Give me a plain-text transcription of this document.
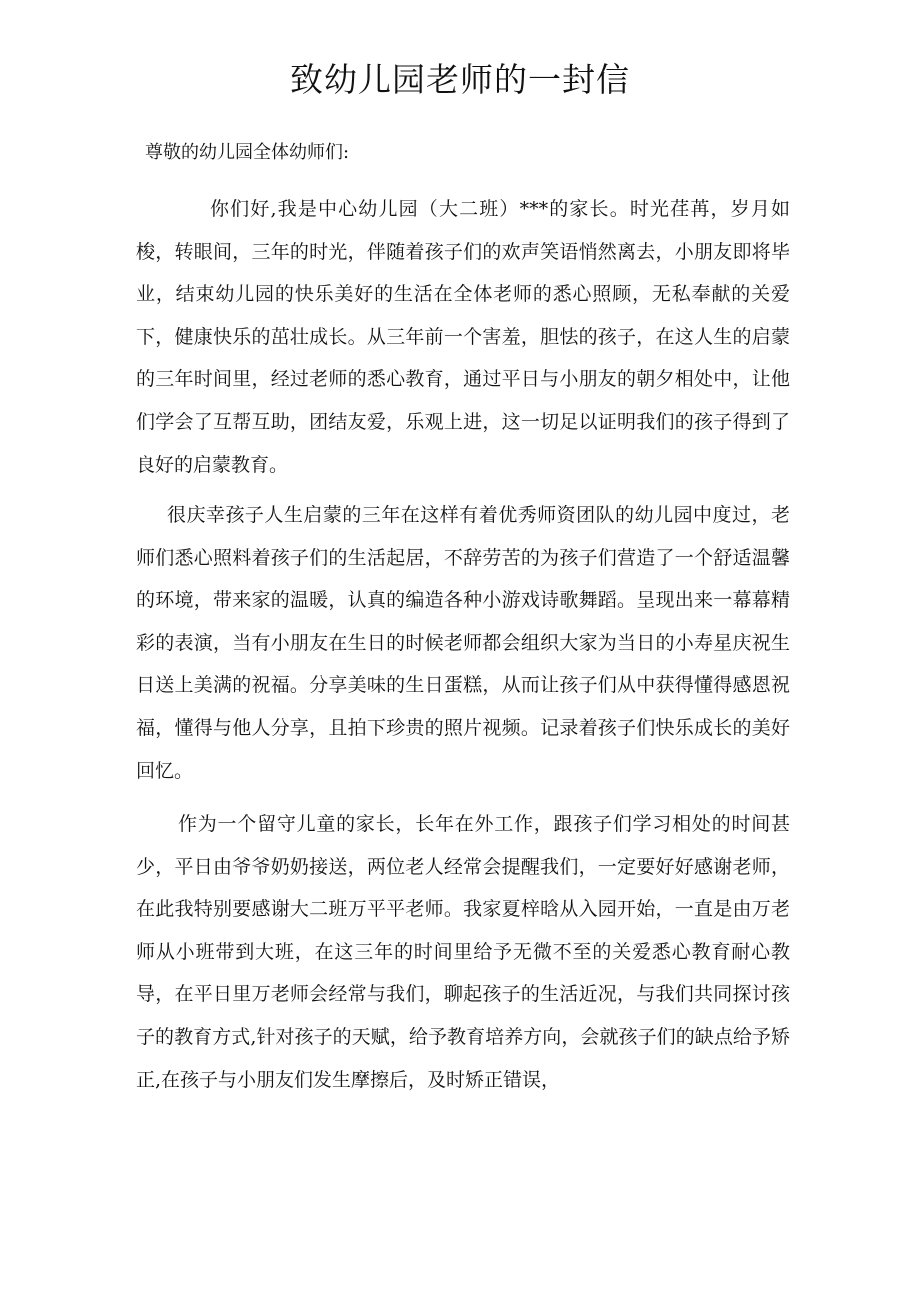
致幼儿园老师的一封信

尊敬的幼儿园全体幼师们:

你们好,我是中心幼儿园（大二班）***的家长。时光荏苒，岁月如梭，转眼间，三年的时光，伴随着孩子们的欢声笑语悄然离去，小朋友即将毕业，结束幼儿园的快乐美好的生活在全体老师的悉心照顾，无私奉献的关爱下，健康快乐的茁壮成长。从三年前一个害羞，胆怯的孩子，在这人生的启蒙的三年时间里，经过老师的悉心教育，通过平日与小朋友的朝夕相处中，让他们学会了互帮互助，团结友爱，乐观上进，这一切足以证明我们的孩子得到了良好的启蒙教育。

很庆幸孩子人生启蒙的三年在这样有着优秀师资团队的幼儿园中度过，老师们悉心照料着孩子们的生活起居，不辞劳苦的为孩子们营造了一个舒适温馨的环境，带来家的温暖，认真的编造各种小游戏诗歌舞蹈。呈现出来一幕幕精彩的表演，当有小朋友在生日的时候老师都会组织大家为当日的小寿星庆祝生日送上美满的祝福。分享美味的生日蛋糕，从而让孩子们从中获得懂得感恩祝福，懂得与他人分享，且拍下珍贵的照片视频。记录着孩子们快乐成长的美好回忆。

作为一个留守儿童的家长，长年在外工作，跟孩子们学习相处的时间甚少，平日由爷爷奶奶接送，两位老人经常会提醒我们，一定要好好感谢老师，在此我特别要感谢大二班万平平老师。我家夏梓晗从入园开始，一直是由万老师从小班带到大班，在这三年的时间里给予无微不至的关爱悉心教育耐心教导，在平日里万老师会经常与我们，聊起孩子的生活近况，与我们共同探讨孩子的教育方式,针对孩子的天赋，给予教育培养方向，会就孩子们的缺点给予矫正,在孩子与小朋友们发生摩擦后，及时矫正错误，
